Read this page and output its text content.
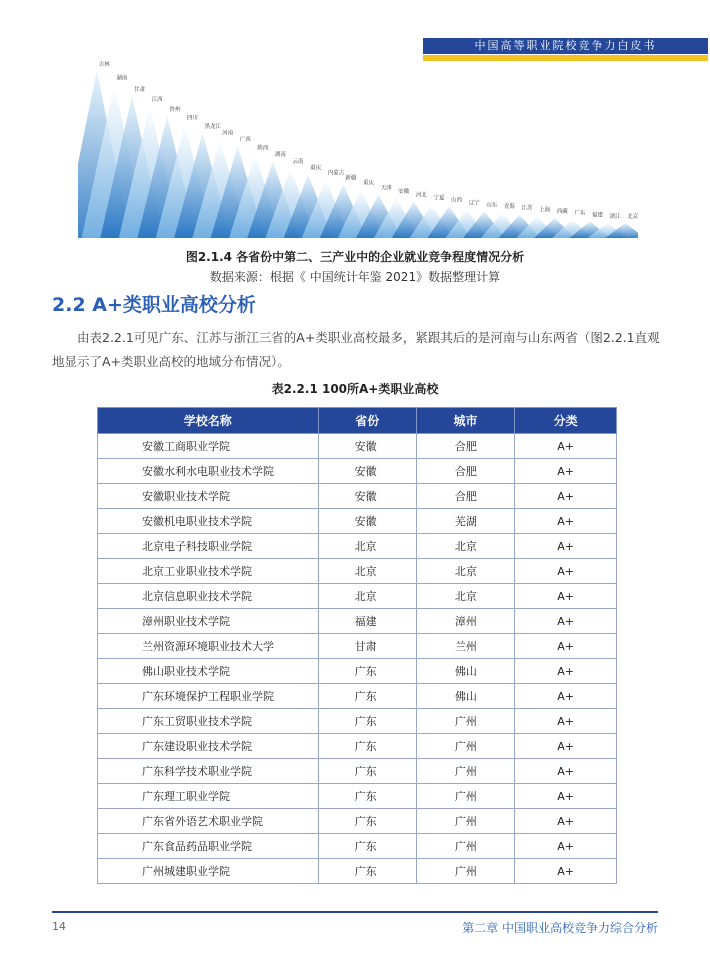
中国高等职业院校竞争力白皮书
吉林
湖南
甘肃
江西
贵州
四川
黑龙江
河南
广西
陕西
湖南
云南
重庆
内蒙古
新疆
重庆
天津
安徽
河北
宁夏 山西
辽宁 山东 青海 江苏 上海 西藏 广东 福建 浙江 北京
图2.1.4 各省份中第二、三产业中的企业就业竞争程度情况分析
数据来源：根据《 中国统计年鉴 2021》数据整理计算
2.2 A+类职业高校分析
由表2.2.1可见广东、江苏与浙江三省的A+类职业高校最多，紧跟其后的是河南与山东两省（图2.2.1直观地显示了A+类职业高校的地域分布情况）。
表2.2.1 100所A+类职业高校
学校名称	省份	城市	分类
安徽工商职业学院	安徽	合肥	A+
安徽水利水电职业技术学院	安徽	合肥	A+
安徽职业技术学院	安徽	合肥	A+
安徽机电职业技术学院	安徽	芜湖	A+
北京电子科技职业学院	北京	北京	A+
北京工业职业技术学院	北京	北京	A+
北京信息职业技术学院	北京	北京	A+
漳州职业技术学院	福建	漳州	A+
兰州资源环境职业技术大学	甘肃	兰州	A+
佛山职业技术学院	广东	佛山	A+
广东环境保护工程职业学院	广东	佛山	A+
广东工贸职业技术学院	广东	广州	A+
广东建设职业技术学院	广东	广州	A+
广东科学技术职业学院	广东	广州	A+
广东理工职业学院	广东	广州	A+
广东省外语艺术职业学院	广东	广州	A+
广东食品药品职业学院	广东	广州	A+
广州城建职业学院	广东	广州	A+
14	第二章 中国职业高校竞争力综合分析
